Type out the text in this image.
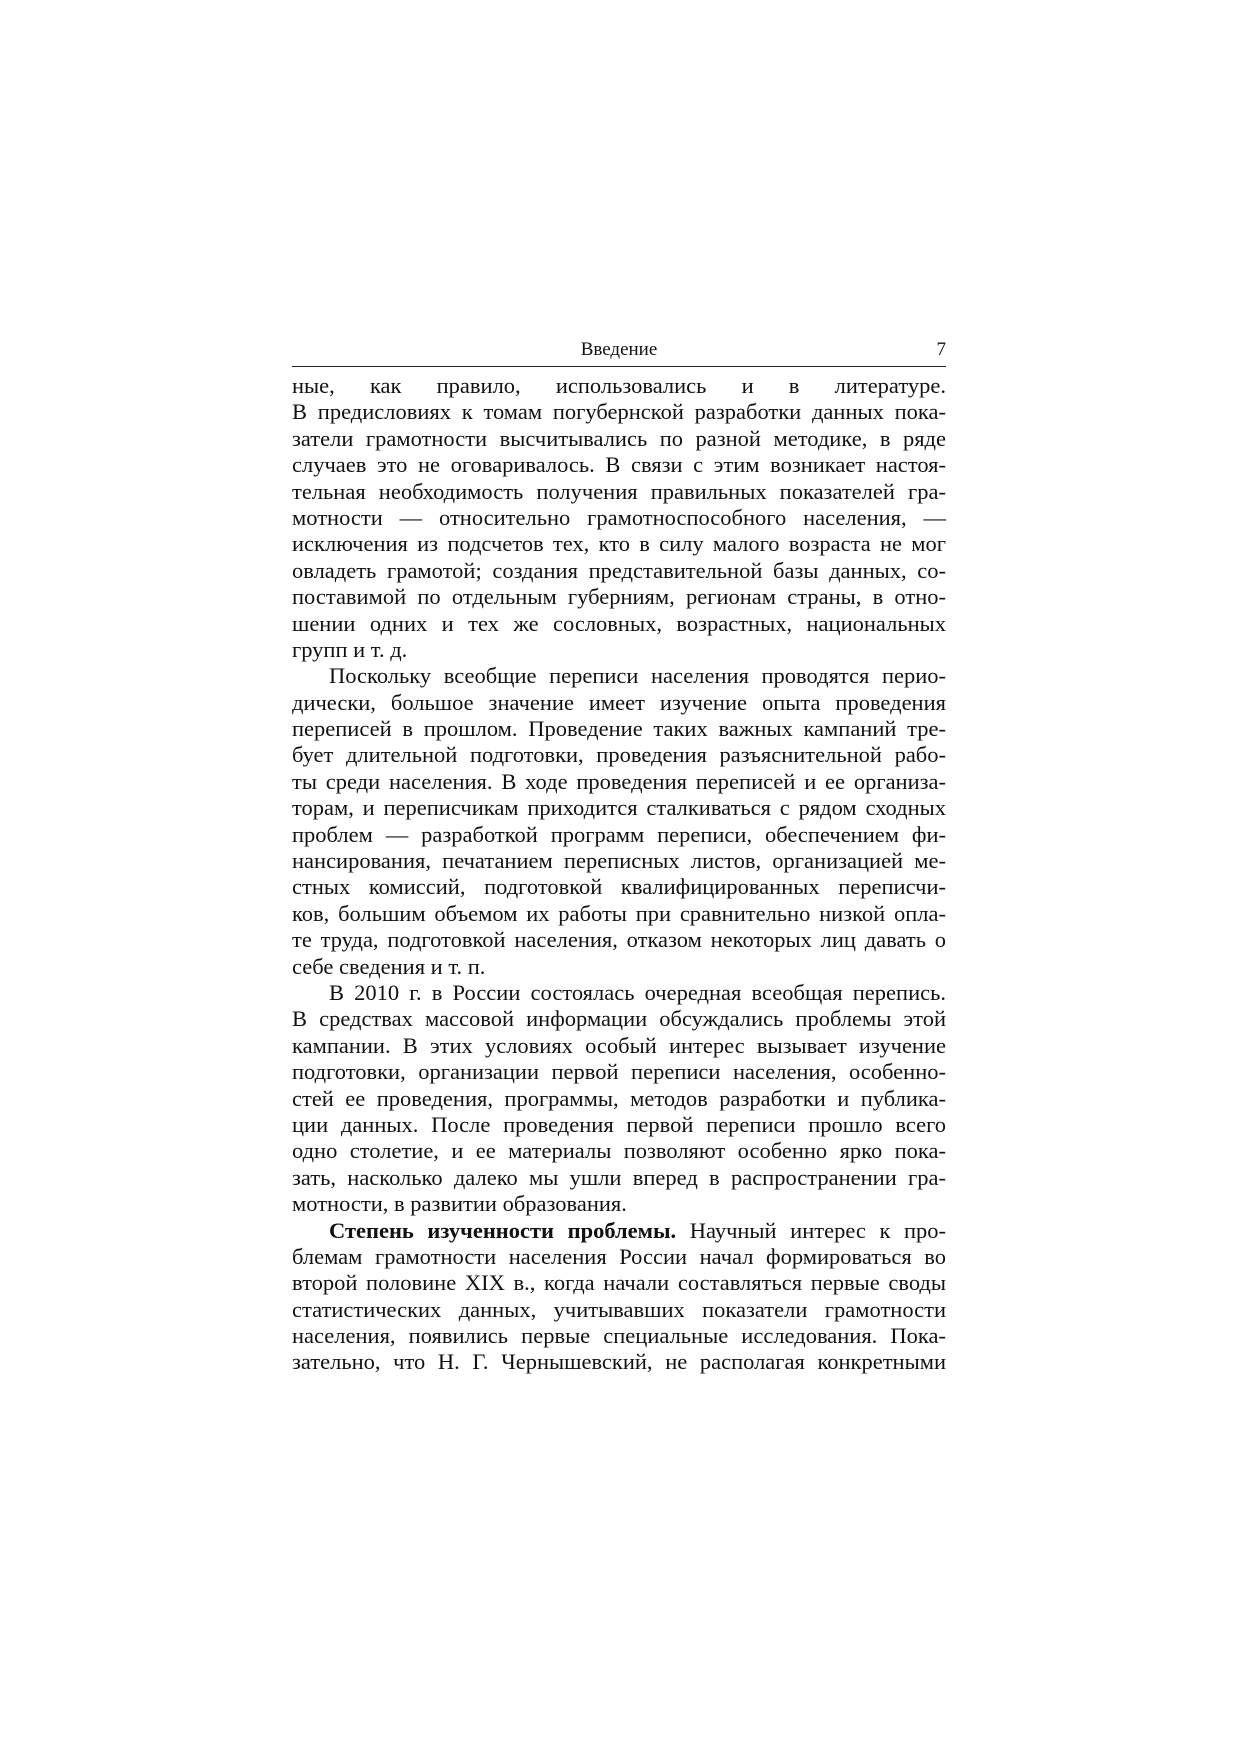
Введение	7
ные, как правило, использовались и в литературе.
В предисловиях к томам погубернской разработки данных пока-
затели грамотности высчитывались по разной методике, в ряде
случаев это не оговаривалось. В связи с этим возникает настоя-
тельная необходимость получения правильных показателей гра-
мотности — относительно грамотноспособного населения, —
исключения из подсчетов тех, кто в силу малого возраста не мог
овладеть грамотой; создания представительной базы данных, со-
поставимой по отдельным губерниям, регионам страны, в отно-
шении одних и тех же сословных, возрастных, национальных
групп и т. д.
Поскольку всеобщие переписи населения проводятся перио-
дически, большое значение имеет изучение опыта проведения
переписей в прошлом. Проведение таких важных кампаний тре-
бует длительной подготовки, проведения разъяснительной рабо-
ты среди населения. В ходе проведения переписей и ее организа-
торам, и переписчикам приходится сталкиваться с рядом сходных
проблем — разработкой программ переписи, обеспечением фи-
нансирования, печатанием переписных листов, организацией ме-
стных комиссий, подготовкой квалифицированных переписчи-
ков, большим объемом их работы при сравнительно низкой опла-
те труда, подготовкой населения, отказом некоторых лиц давать о
себе сведения и т. п.
В 2010 г. в России состоялась очередная всеобщая перепись.
В средствах массовой информации обсуждались проблемы этой
кампании. В этих условиях особый интерес вызывает изучение
подготовки, организации первой переписи населения, особенно-
стей ее проведения, программы, методов разработки и публика-
ции данных. После проведения первой переписи прошло всего
одно столетие, и ее материалы позволяют особенно ярко пока-
зать, насколько далеко мы ушли вперед в распространении гра-
мотности, в развитии образования.
Степень изученности проблемы. Научный интерес к про-
блемам грамотности населения России начал формироваться во
второй половине XIX в., когда начали составляться первые своды
статистических данных, учитывавших показатели грамотности
населения, появились первые специальные исследования. Пока-
зательно, что Н. Г. Чернышевский, не располагая конкретными
